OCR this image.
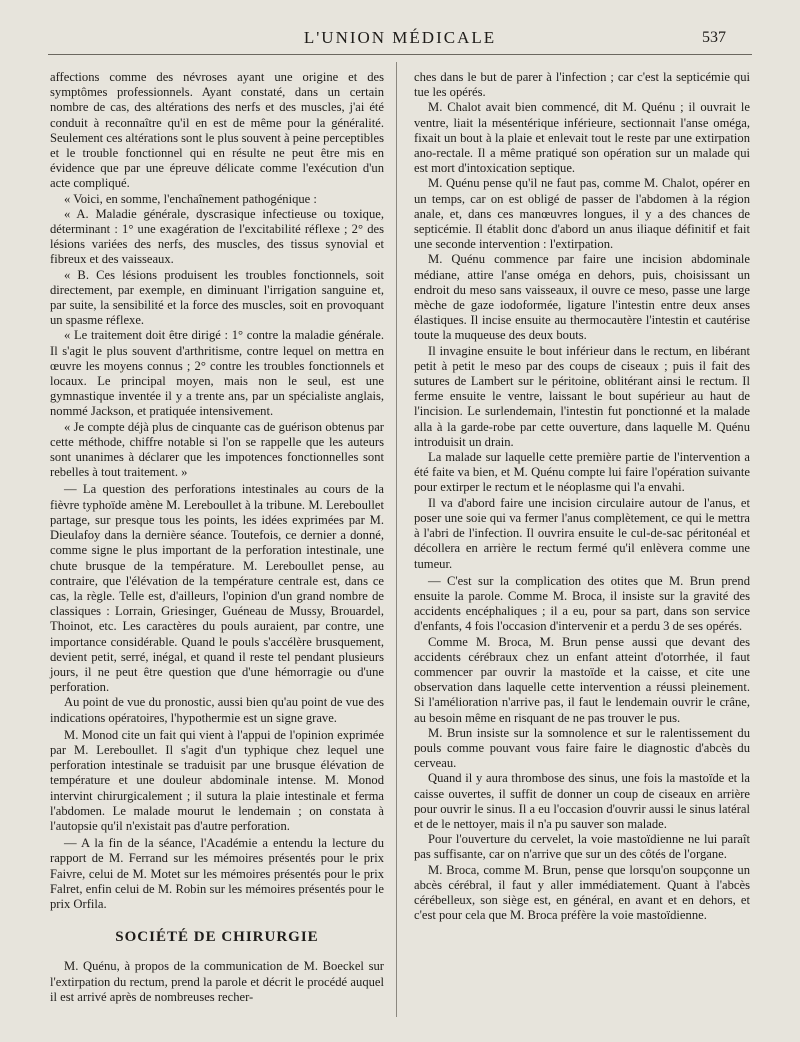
L'UNION MÉDICALE	537

affections comme des névroses ayant une origine et des symptômes professionnels. Ayant constaté, dans un certain nombre de cas, des altérations des nerfs et des muscles, j'ai été conduit à reconnaître qu'il en est de même pour la généralité. Seulement ces altérations sont le plus souvent à peine perceptibles et le trouble fonctionnel qui en résulte ne peut être mis en évidence que par une épreuve délicate comme l'exécution d'un acte compliqué.

« Voici, en somme, l'enchaînement pathogénique :

« A. Maladie générale, dyscrasique infectieuse ou toxique, déterminant : 1° une exagération de l'excitabilité réflexe ; 2° des lésions variées des nerfs, des muscles, des tissus synovial et fibreux et des vaisseaux.

« B. Ces lésions produisent les troubles fonctionnels, soit directement, par exemple, en diminuant l'irrigation sanguine et, par suite, la sensibilité et la force des muscles, soit en provoquant un spasme réflexe.

« Le traitement doit être dirigé : 1° contre la maladie générale. Il s'agit le plus souvent d'arthritisme, contre lequel on mettra en œuvre les moyens connus ; 2° contre les troubles fonctionnels et locaux. Le principal moyen, mais non le seul, est une gymnastique inventée il y a trente ans, par un spécialiste anglais, nommé Jackson, et pratiquée intensivement.

« Je compte déjà plus de cinquante cas de guérison obtenus par cette méthode, chiffre notable si l'on se rappelle que les auteurs sont unanimes à déclarer que les impotences fonctionnelles sont rebelles à tout traitement. »

— La question des perforations intestinales au cours de la fièvre typhoïde amène M. Lereboullet à la tribune. M. Lereboullet partage, sur presque tous les points, les idées exprimées par M. Dieulafoy dans la dernière séance. Toutefois, ce dernier a donné, comme signe le plus important de la perforation intestinale, une chute brusque de la température. M. Lereboullet pense, au contraire, que l'élévation de la température centrale est, dans ce cas, la règle. Telle est, d'ailleurs, l'opinion d'un grand nombre de classiques : Lorrain, Griesinger, Guéneau de Mussy, Brouardel, Thoinot, etc. Les caractères du pouls auraient, par contre, une importance considérable. Quand le pouls s'accélère brusquement, devient petit, serré, inégal, et quand il reste tel pendant plusieurs jours, il ne peut être question que d'une hémorragie ou d'une perforation.

Au point de vue du pronostic, aussi bien qu'au point de vue des indications opératoires, l'hypothermie est un signe grave.

M. Monod cite un fait qui vient à l'appui de l'opinion exprimée par M. Lereboullet. Il s'agit d'un typhique chez lequel une perforation intestinale se traduisit par une brusque élévation de température et une douleur abdominale intense. M. Monod intervint chirurgicalement ; il sutura la plaie intestinale et ferma l'abdomen. Le malade mourut le lendemain ; on constata à l'autopsie qu'il n'existait pas d'autre perforation.

— A la fin de la séance, l'Académie a entendu la lecture du rapport de M. Ferrand sur les mémoires présentés pour le prix Faivre, celui de M. Motet sur les mémoires présentés pour le prix Falret, enfin celui de M. Robin sur les mémoires présentés pour le prix Orfila.

SOCIÉTÉ DE CHIRURGIE

M. Quénu, à propos de la communication de M. Boeckel sur l'extirpation du rectum, prend la parole et décrit le procédé auquel il est arrivé après de nombreuses recher-

ches dans le but de parer à l'infection ; car c'est la septicémie qui tue les opérés.

M. Chalot avait bien commencé, dit M. Quénu ; il ouvrait le ventre, liait la mésentérique inférieure, sectionnait l'anse oméga, fixait un bout à la plaie et enlevait tout le reste par une extirpation ano-rectale. Il a même pratiqué son opération sur un malade qui est mort d'intoxication septique.

M. Quénu pense qu'il ne faut pas, comme M. Chalot, opérer en un temps, car on est obligé de passer de l'abdomen à la région anale, et, dans ces manœuvres longues, il y a des chances de septicémie. Il établit donc d'abord un anus iliaque définitif et fait une seconde intervention : l'extirpation.

M. Quénu commence par faire une incision abdominale médiane, attire l'anse oméga en dehors, puis, choisissant un endroit du meso sans vaisseaux, il ouvre ce meso, passe une large mèche de gaze iodoformée, ligature l'intestin entre deux anses élastiques. Il incise ensuite au thermocautère l'intestin et cautérise toute la muqueuse des deux bouts.

Il invagine ensuite le bout inférieur dans le rectum, en libérant petit à petit le meso par des coups de ciseaux ; puis il fait des sutures de Lambert sur le péritoine, oblitérant ainsi le rectum. Il ferme ensuite le ventre, laissant le bout supérieur au haut de l'incision. Le surlendemain, l'intestin fut ponctionné et la malade alla à la garde-robe par cette ouverture, dans laquelle M. Quénu introduisit un drain.

La malade sur laquelle cette première partie de l'intervention a été faite va bien, et M. Quénu compte lui faire l'opération suivante pour extirper le rectum et le néoplasme qui l'a envahi.

Il va d'abord faire une incision circulaire autour de l'anus, et poser une soie qui va fermer l'anus complètement, ce qui le mettra à l'abri de l'infection. Il ouvrira ensuite le cul-de-sac péritonéal et décollera en arrière le rectum fermé qu'il enlèvera comme une tumeur.

— C'est sur la complication des otites que M. Brun prend ensuite la parole. Comme M. Broca, il insiste sur la gravité des accidents encéphaliques ; il a eu, pour sa part, dans son service d'enfants, 4 fois l'occasion d'intervenir et a perdu 3 de ses opérés.

Comme M. Broca, M. Brun pense aussi que devant des accidents cérébraux chez un enfant atteint d'otorrhée, il faut commencer par ouvrir la mastoïde et la caisse, et cite une observation dans laquelle cette intervention a réussi pleinement. Si l'amélioration n'arrive pas, il faut le lendemain ouvrir le crâne, au besoin même en risquant de ne pas trouver le pus.

M. Brun insiste sur la somnolence et sur le ralentissement du pouls comme pouvant vous faire faire le diagnostic d'abcès du cerveau.

Quand il y aura thrombose des sinus, une fois la mastoïde et la caisse ouvertes, il suffit de donner un coup de ciseaux en arrière pour ouvrir le sinus. Il a eu l'occasion d'ouvrir aussi le sinus latéral et de le nettoyer, mais il n'a pu sauver son malade.

Pour l'ouverture du cervelet, la voie mastoïdienne ne lui paraît pas suffisante, car on n'arrive que sur un des côtés de l'organe.

M. Broca, comme M. Brun, pense que lorsqu'on soupçonne un abcès cérébral, il faut y aller immédiatement. Quant à l'abcès cérébelleux, son siège est, en général, en avant et en dehors, et c'est pour cela que M. Broca préfère la voie mastoïdienne.
